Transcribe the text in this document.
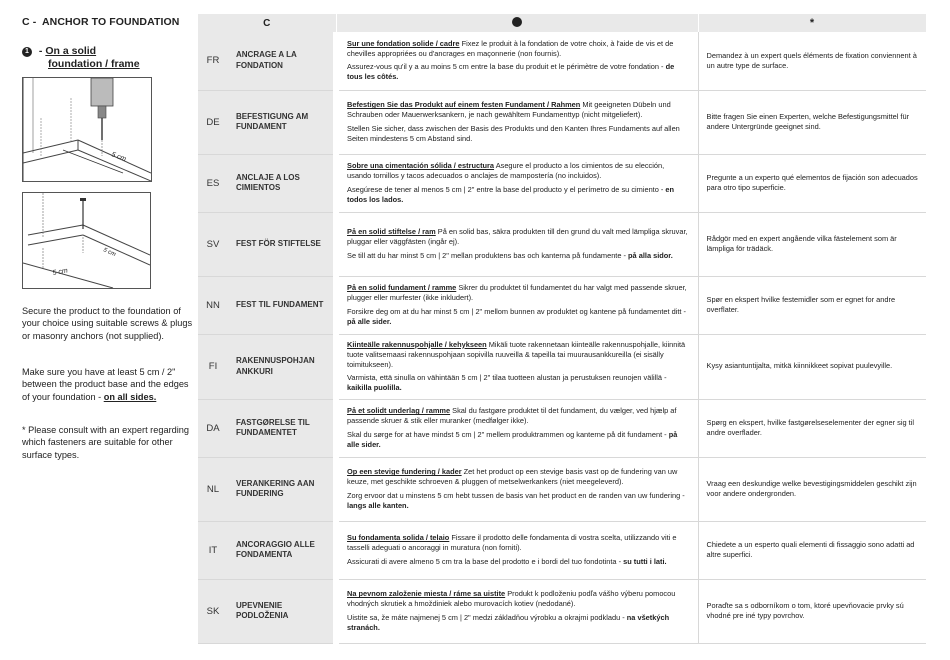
C - ANCHOR TO FOUNDATION
1 - On a solid
foundation / frame
5 cm
5 cm
5 cm
Secure the product to the foundation of your choice using suitable screws & plugs or masonry anchors (not supplied).
Make sure you have at least 5 cm / 2" between the product base and the edges of your foundation - on all sides.
* Please consult with an expert regarding which fasteners are suitable for other surface types.
C			*
FR	ANCRAGE A LA FONDATION	Sur une fondation solide / cadre Fixez le produit à la fondation de votre choix, à l'aide de vis et de chevilles appropriées ou d'ancrages en maçonnerie (non fournis).

Assurez-vous qu'il y a au moins 5 cm entre la base du produit et le périmètre de votre fondation - de tous les côtés.	Demandez à un expert quels éléments de fixation conviennent à un autre type de surface.
DE	BEFESTIGUNG AM FUNDAMENT	Befestigen Sie das Produkt auf einem festen Fundament / Rahmen Mit geeigneten Dübeln und Schrauben oder Mauerwerksankern, je nach gewähltem Fundamenttyp (nicht mitgeliefert).

Stellen Sie sicher, dass zwischen der Basis des Produkts und den Kanten Ihres Fundaments auf allen Seiten mindestens 5 cm Abstand sind.	Bitte fragen Sie einen Experten, welche Befestigungsmittel für andere Untergründe geeignet sind.
ES	ANCLAJE A LOS CIMIENTOS	Sobre una cimentación sólida / estructura Asegure el producto a los cimientos de su elección, usando tornillos y tacos adecuados o anclajes de mampostería (no incluidos).

Asegúrese de tener al menos 5 cm | 2" entre la base del producto y el perímetro de su cimiento - en todos los lados.	Pregunte a un experto qué elementos de fijación son adecuados para otro tipo superficie.
SV	FEST FÖR STIFTELSE	På en solid stiftelse / ram På en solid bas, säkra produkten till den grund du valt med lämpliga skruvar, pluggar eller väggfästen (ingår ej).

Se till att du har minst 5 cm | 2" mellan produktens bas och kanterna på fundamente - på alla sidor.	Rådgör med en expert angående vilka fästelement som är lämpliga för trädäck.
NN	FEST TIL FUNDAMENT	På en solid fundament / ramme Sikrer du produktet til fundamentet du har valgt med passende skruer, plugger eller murfester (ikke inkludert).

Forsikre deg om at du har minst 5 cm | 2" mellom bunnen av produktet og kantene på fundamentet ditt - på alle sider.	Spør en ekspert hvilke festemidler som er egnet for andre overflater.
FI	RAKENNUSPOHJAN ANKKURI	Kiinteälle rakennuspohjalle / kehykseen Mikäli tuote rakennetaan kiinteälle rakennuspohjalle, kiinnitä tuote valitsemaasi rakennuspohjaan sopivilla ruuveilla & tapeilla tai muurausankkureilla (ei sisälly toimitukseen).

Varmista, että sinulla on vähintään 5 cm | 2" tilaa tuotteen alustan ja perustuksen reunojen välillä - kaikilla puolilla.	Kysy asiantuntijalta, mitkä kiinnikkeet sopivat puulevyille.
DA	FASTGØRELSE TIL FUNDAMENTET	På et solidt underlag / ramme Skal du fastgøre produktet til det fundament, du vælger, ved hjælp af passende skruer & stik eller muranker (medfølger ikke).

Skal du sørge for at have mindst 5 cm | 2" mellem produktrammen og kanterne på dit fundament - på alle sider.	Spørg en ekspert, hvilke fastgørelseselementer der egner sig til andre overflader.
NL	VERANKERING AAN FUNDERING	Op een stevige fundering / kader Zet het product op een stevige basis vast op de fundering van uw keuze, met geschikte schroeven & pluggen of metselwerkankers (niet meegeleverd).

Zorg ervoor dat u minstens 5 cm hebt tussen de basis van het product en de randen van uw fundering - langs alle kanten.	Vraag een deskundige welke bevestigingsmiddelen geschikt zijn voor andere ondergronden.
IT	ANCORAGGIO ALLE FONDAMENTA	Su fondamenta solida / telaio Fissare il prodotto delle fondamenta di vostra scelta, utilizzando viti e tasselli adeguati o ancoraggi in muratura (non forniti).

Assicurati di avere almeno 5 cm tra la base del prodotto e i bordi del tuo fondotinta - su tutti i lati.	Chiedete a un esperto quali elementi di fissaggio sono adatti ad altre superfici.
SK	UPEVNENIE PODLOŽENIA	Na pevnom založenie miesta / ráme sa uistite Produkt k podloženiu podľa vášho výberu pomocou vhodných skrutiek a hmoždiniek alebo murovacích kotiev (nedodané).

Uistite sa, že máte najmenej 5 cm | 2" medzi základňou výrobku a okrajmi podkladu - na všetkých stranách.	Poraďte sa s odborníkom o tom, ktoré upevňovacie prvky sú vhodné pre iné typy povrchov.
